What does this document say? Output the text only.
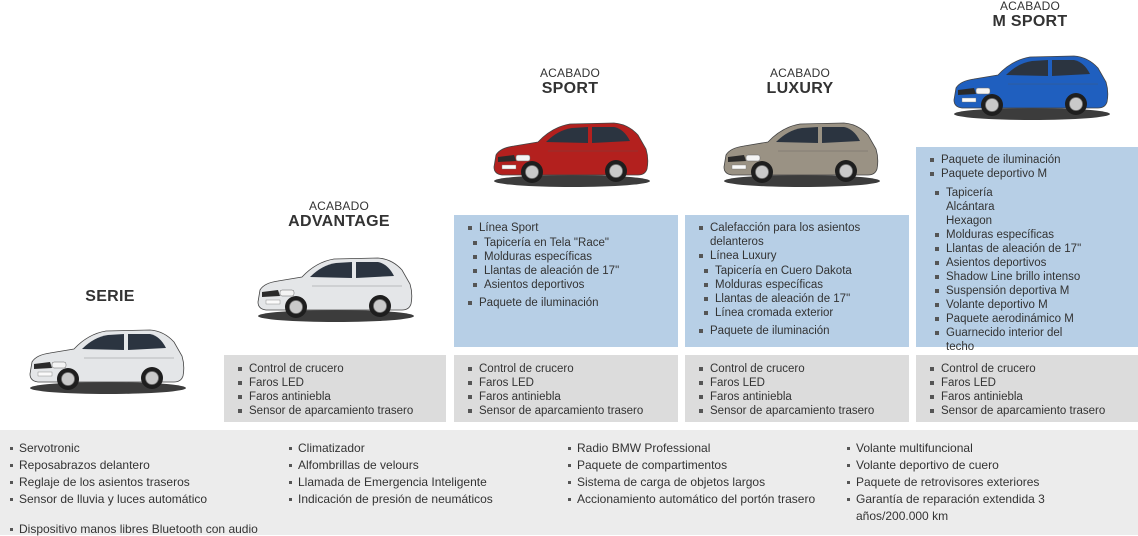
SERIE
ACABADO
ADVANTAGE
ACABADO
SPORT
ACABADO
LUXURY
ACABADO
M SPORT
Control de crucero
Faros LED
Faros antiniebla
Sensor de aparcamiento trasero
Control de crucero
Faros LED
Faros antiniebla
Sensor de aparcamiento trasero
Control de crucero
Faros LED
Faros antiniebla
Sensor de aparcamiento trasero
Control de crucero
Faros LED
Faros antiniebla
Sensor de aparcamiento trasero
Línea Sport
Tapicería en Tela "Race"
Molduras específicas
Llantas de aleación de 17"
Asientos deportivos
Paquete de iluminación
Calefacción para los asientos delanteros
Línea Luxury
Tapicería en Cuero Dakota
Molduras específicas
Llantas de aleación de 17"
Línea cromada exterior
Paquete de iluminación
Paquete de iluminación
Paquete deportivo M
Tapicería Alcántara Hexagon
Molduras específicas
Llantas de aleación de 17"
Asientos deportivos
Shadow Line brillo intenso
Suspensión deportiva M
Volante deportivo M
Paquete aerodinámico M
Guarnecido interior del techo
Servotronic
Reposabrazos delantero
Reglaje de los asientos traseros
Sensor de lluvia y luces automático
Climatizador
Alfombrillas de velours
Llamada de Emergencia Inteligente
Indicación de presión de neumáticos
Radio BMW Professional
Paquete de compartimentos
Sistema de carga de objetos largos
Accionamiento automático del portón trasero
Volante multifuncional
Volante deportivo de cuero
Paquete de retrovisores exteriores
Garantía de reparación extendida 3 años/200.000 km
Dispositivo manos libres Bluetooth con audio
